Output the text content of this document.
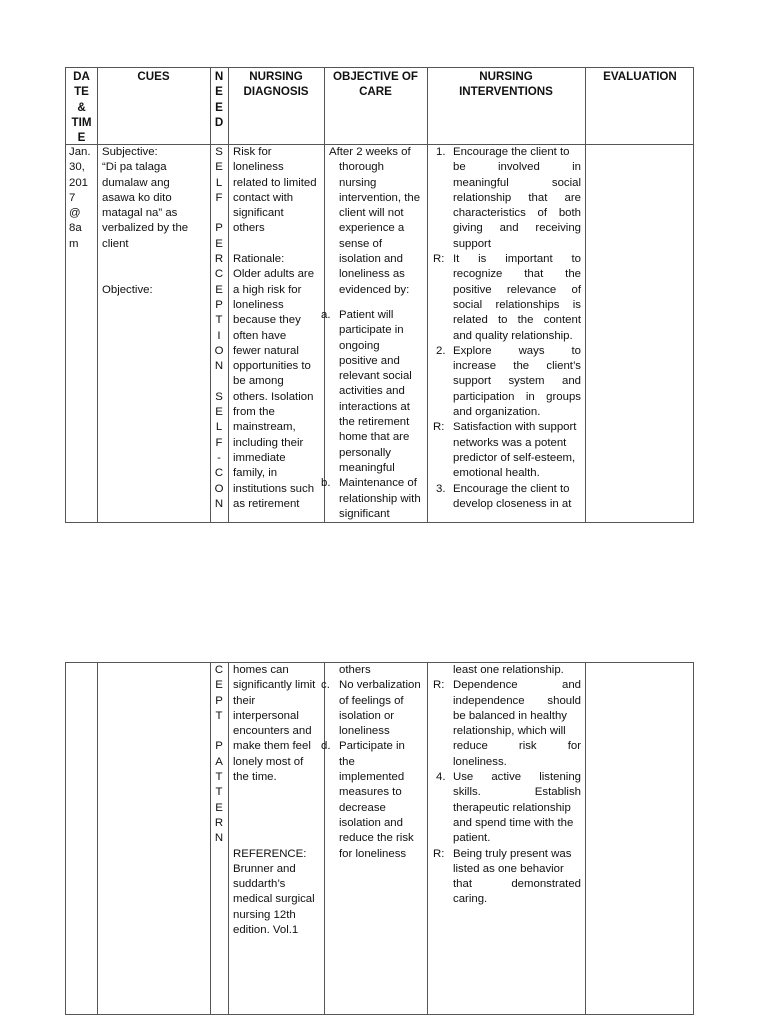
DA
TE
&
TIM
E
CUES	N
E
E
D
NURSING
DIAGNOSIS
OBJECTIVE OF
CARE
NURSING
INTERVENTIONS
EVALUATION
Jan.
30,
201
7
@
8a
m
Subjective:
“Di pa talaga
dumalaw ang
asawa ko dito
matagal na” as
verbalized by the
client
Objective:
S
E
L
F
P
E
R
C
E
P
T
I
O
N
S
E
L
F
-
C
O
N
Risk for
loneliness
related to limited
contact with
significant
others
Rationale:
Older adults are
a high risk for
loneliness
because they
often have
fewer natural
opportunities to
be among
others. Isolation
from the
mainstream,
including their
immediate
family, in
institutions such
as retirement
After 2 weeks of
thorough
nursing
intervention, the
client will not
experience a
sense of
isolation and
loneliness as
evidenced by:
a. Patient will
participate in
ongoing
positive and
relevant social
activities and
interactions at
the retirement
home that are
personally
meaningful
b. Maintenance of
relationship with
significant
1. Encourage the client to
be involved in
meaningful social
relationship that are
characteristics of both
giving and receiving
support
R: It is important to
recognize that the
positive relevance of
social relationships is
related to the content
and quality relationship.
2. Explore ways to
increase the client’s
support system and
participation in groups
and organization.
R: Satisfaction with support
networks was a potent
predictor of self-esteem,
emotional health.
3. Encourage the client to
develop closeness in at
C
E
P
T
P
A
T
T
E
R
N
homes can
significantly limit
their
interpersonal
encounters and
make them feel
lonely most of
the time.
REFERENCE:
Brunner and
suddarth’s
medical surgical
nursing 12th
edition. Vol.1
others
c. No verbalization
of feelings of
isolation or
loneliness
d. Participate in
the
implemented
measures to
decrease
isolation and
reduce the risk
for loneliness
least one relationship.
R: Dependence and
independence should
be balanced in healthy
relationship, which will
reduce risk for
loneliness.
4. Use active listening
skills. Establish
therapeutic relationship
and spend time with the
patient.
R: Being truly present was
listed as one behavior
that demonstrated
caring.
